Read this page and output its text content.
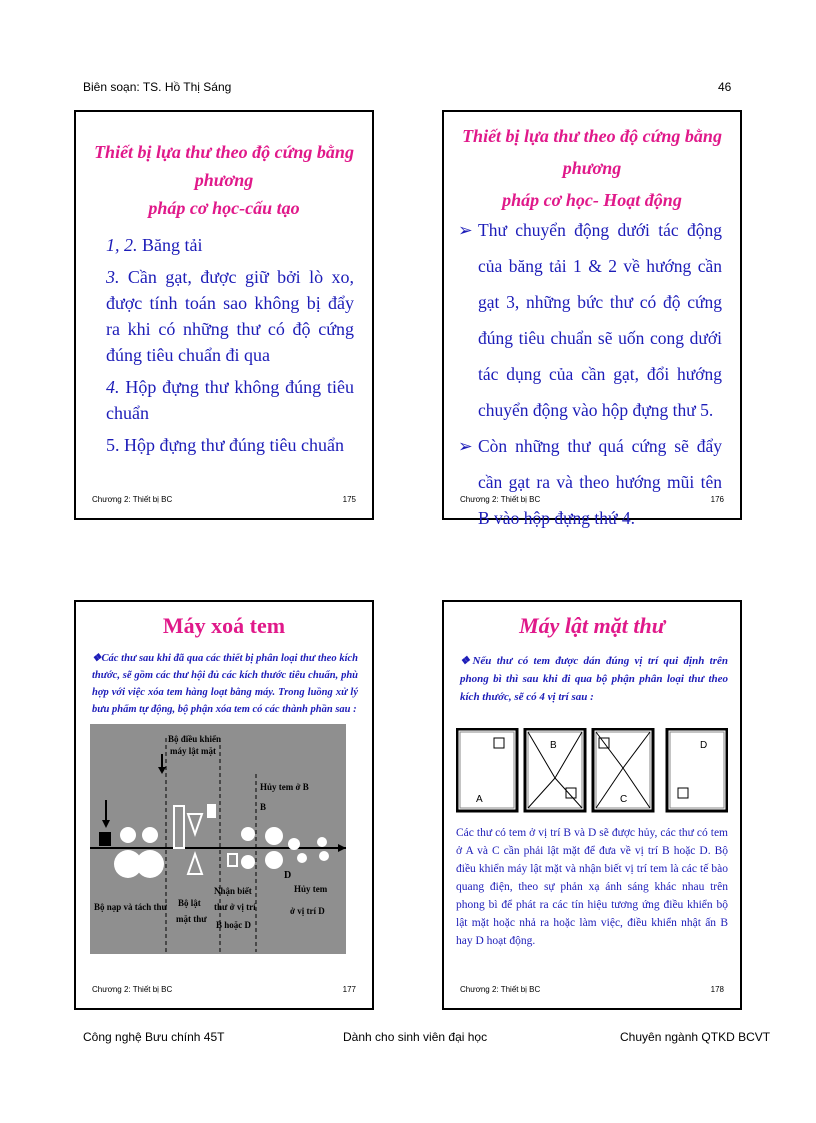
Biên soạn: TS. Hồ Thị Sáng	46
Thiết bị lựa thư theo độ cứng bằng phương
pháp cơ học-cấu tạo
1, 2. Băng tải
3. Cần gạt, được giữ bởi lò xo, được tính toán sao không bị đẩy ra khi có những thư có độ cứng đúng tiêu chuẩn đi qua
4. Hộp đựng thư không đúng tiêu chuẩn
5. Hộp đựng thư đúng tiêu chuẩn
Chương 2: Thiết bị BC	175
Thiết bị lựa thư theo độ cứng bằng phương
pháp cơ học- Hoạt động
➢ Thư chuyển động dưới tác động của băng tải 1 & 2 về hướng cần gạt 3, những bức thư có độ cứng đúng tiêu chuẩn sẽ uốn cong dưới tác dụng của cần gạt, đổi hướng chuyển động vào hộp đựng thư 5.
➢ Còn những thư quá cứng sẽ đẩy cần gạt ra và theo hướng mũi tên B vào hộp đựng thứ 4.
Chương 2: Thiết bị BC	176
Máy xoá tem
❖Các thư sau khi đã qua các thiết bị phân loại thư theo kích thước, sẽ gồm các thư hội đủ các kích thước tiêu chuẩn, phù hợp với việc xóa tem hàng loạt bằng máy. Trong luồng xử lý bưu phẩm tự động, bộ phận xóa tem có các thành phần sau :
Bộ điều khiển
máy lật mặt
Hủy tem ở B
B
D
Hủy tem
ở vị trí D
Bộ nạp và tách thư Bộ lật
mặt thư
Nhận biết
thư ở vị trí
B hoặc D
Chương 2: Thiết bị BC	177
Máy lật mặt thư
❖Nếu thư có tem được dán đúng vị trí qui định trên phong bì thì sau khi đi qua bộ phận phân loại thư theo kích thước, sẽ có 4 vị trí sau :
A
B
C
D
Các thư có tem ở vị trí B và D sẽ được hủy, các thư có tem ở A và C cần phải lật mặt để đưa về vị trí B hoặc D. Bộ điều khiển máy lật mặt và nhận biết vị trí tem là các tế bào quang điện, theo sự phản xạ ánh sáng khác nhau trên phong bì để phát ra các tín hiệu tương ứng điều khiển bộ lật mặt hoặc nhả ra hoặc làm việc, điều khiển nhật ấn B hay D hoạt động.
Chương 2: Thiết bị BC	178
Công nghệ Bưu chính 45T	Dành cho sinh viên đại học	Chuyên ngành QTKD BCVT
